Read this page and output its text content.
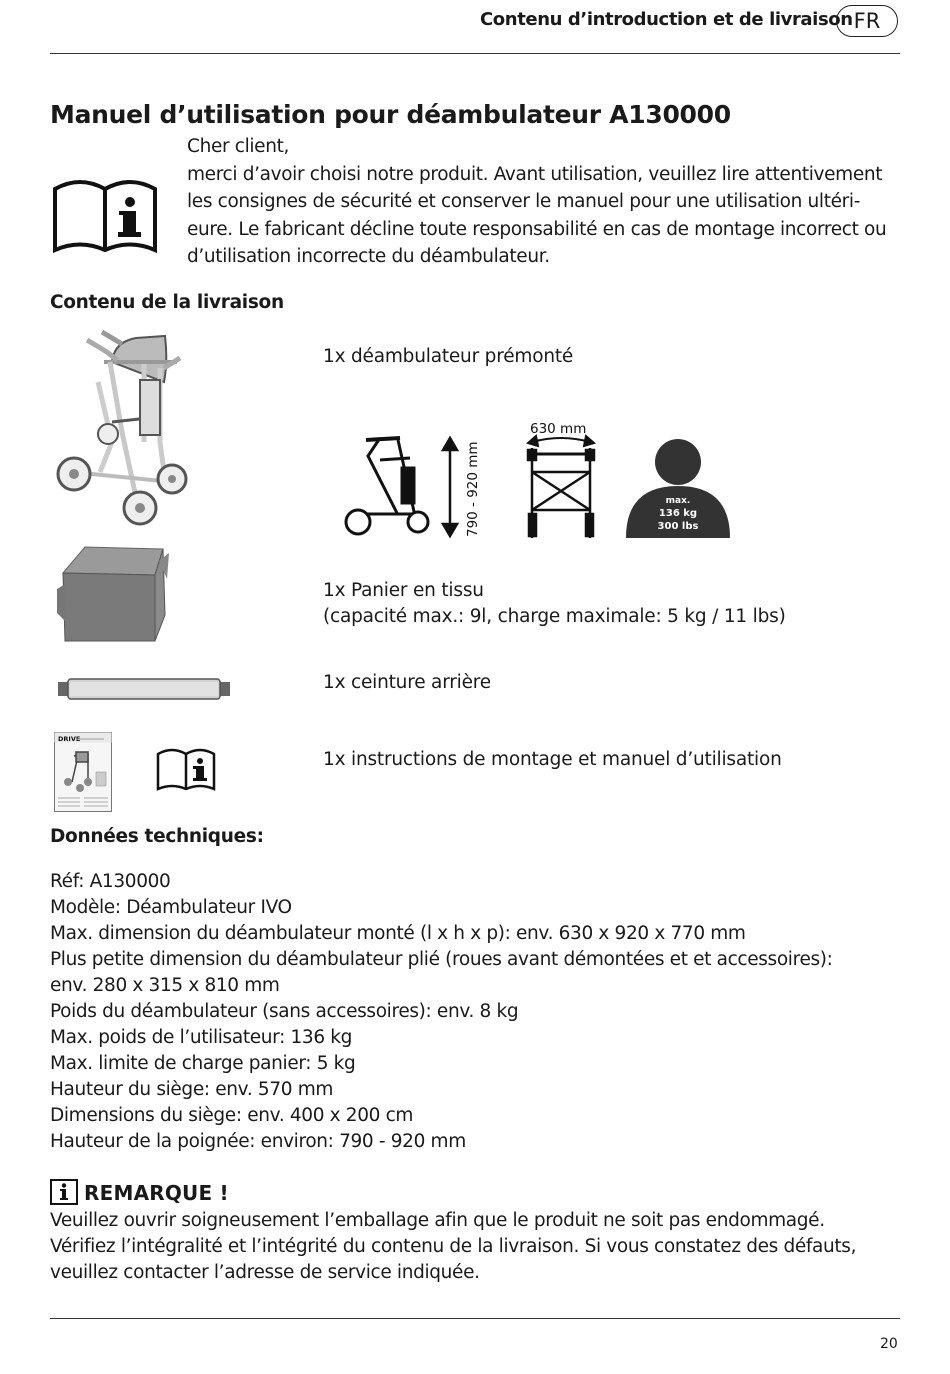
Contenu d’introduction et de livraison FR
Manuel d’utilisation pour déambulateur A130000
Cher client,
merci d’avoir choisi notre produit. Avant utilisation, veuillez lire attentivement
les consignes de sécurité et conserver le manuel pour une utilisation ultéri-
eure. Le fabricant décline toute responsabilité en cas de montage incorrect ou
d’utilisation incorrecte du déambulateur.
Contenu de la livraison
1x déambulateur prémonté
790 - 920 mm
630 mm
max.
136 kg
300 lbs
1x Panier en tissu
(capacité max.: 9l, charge maximale: 5 kg / 11 lbs)
1x ceinture arrière
DRIVE
1x instructions de montage et manuel d’utilisation
Données techniques:
Réf: A130000
Modèle: Déambulateur IVO
Max. dimension du déambulateur monté (l x h x p): env. 630 x 920 x 770 mm
Plus petite dimension du déambulateur plié (roues avant démontées et et accessoires):
env. 280 x 315 x 810 mm
Poids du déambulateur (sans accessoires): env. 8 kg
Max. poids de l’utilisateur: 136 kg
Max. limite de charge panier: 5 kg
Hauteur du siège: env. 570 mm
Dimensions du siège: env. 400 x 200 cm
Hauteur de la poignée: environ: 790 - 920 mm
REMARQUE !
Veuillez ouvrir soigneusement l’emballage afin que le produit ne soit pas endommagé.
Vérifiez l’intégralité et l’intégrité du contenu de la livraison. Si vous constatez des défauts,
veuillez contacter l’adresse de service indiquée.
20
